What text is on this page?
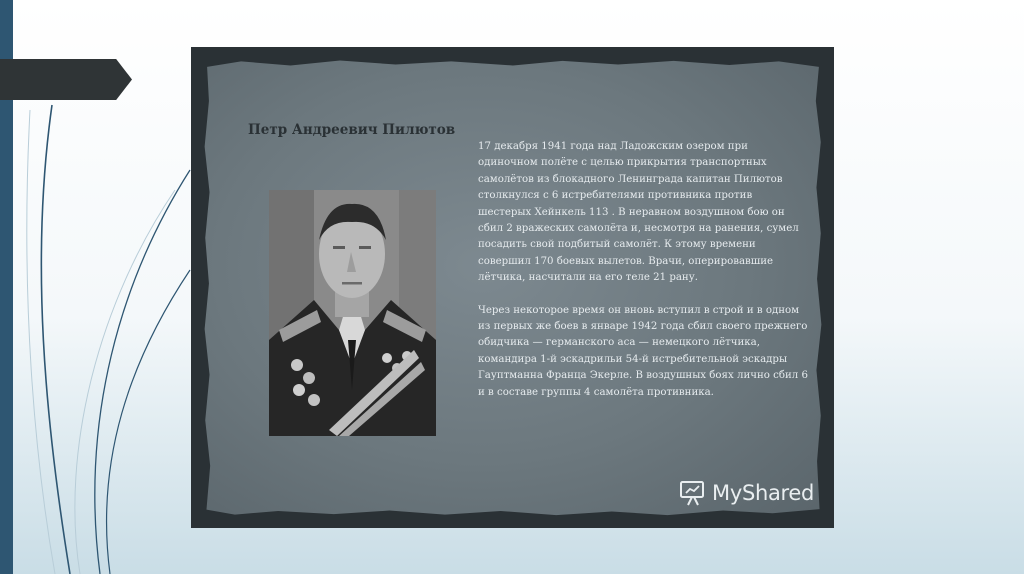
Петр Андреевич Пилютов

17 декабря 1941 года над Ладожским озером при одиночном полёте с целью прикрытия транспортных самолётов из блокадного Ленинграда капитан Пилютов столкнулся с 6 истребителями противника против шестерых Хейнкель 113 . В неравном воздушном бою он сбил 2 вражеских самолёта и, несмотря на ранения, сумел посадить свой подбитый самолёт. К этому времени совершил 170 боевых вылетов. Врачи, оперировавшие лётчика, насчитали на его теле 21 рану.

Через некоторое время он вновь вступил в строй и в одном из первых же боев в январе 1942 года сбил своего прежнего обидчика — германского аса — немецкого лётчика, командира 1-й эскадрильи 54-й истребительной эскадры Гауптманна Франца Экерле. В воздушных боях лично сбил 6 и в составе группы 4 самолёта противника.

MyShared
